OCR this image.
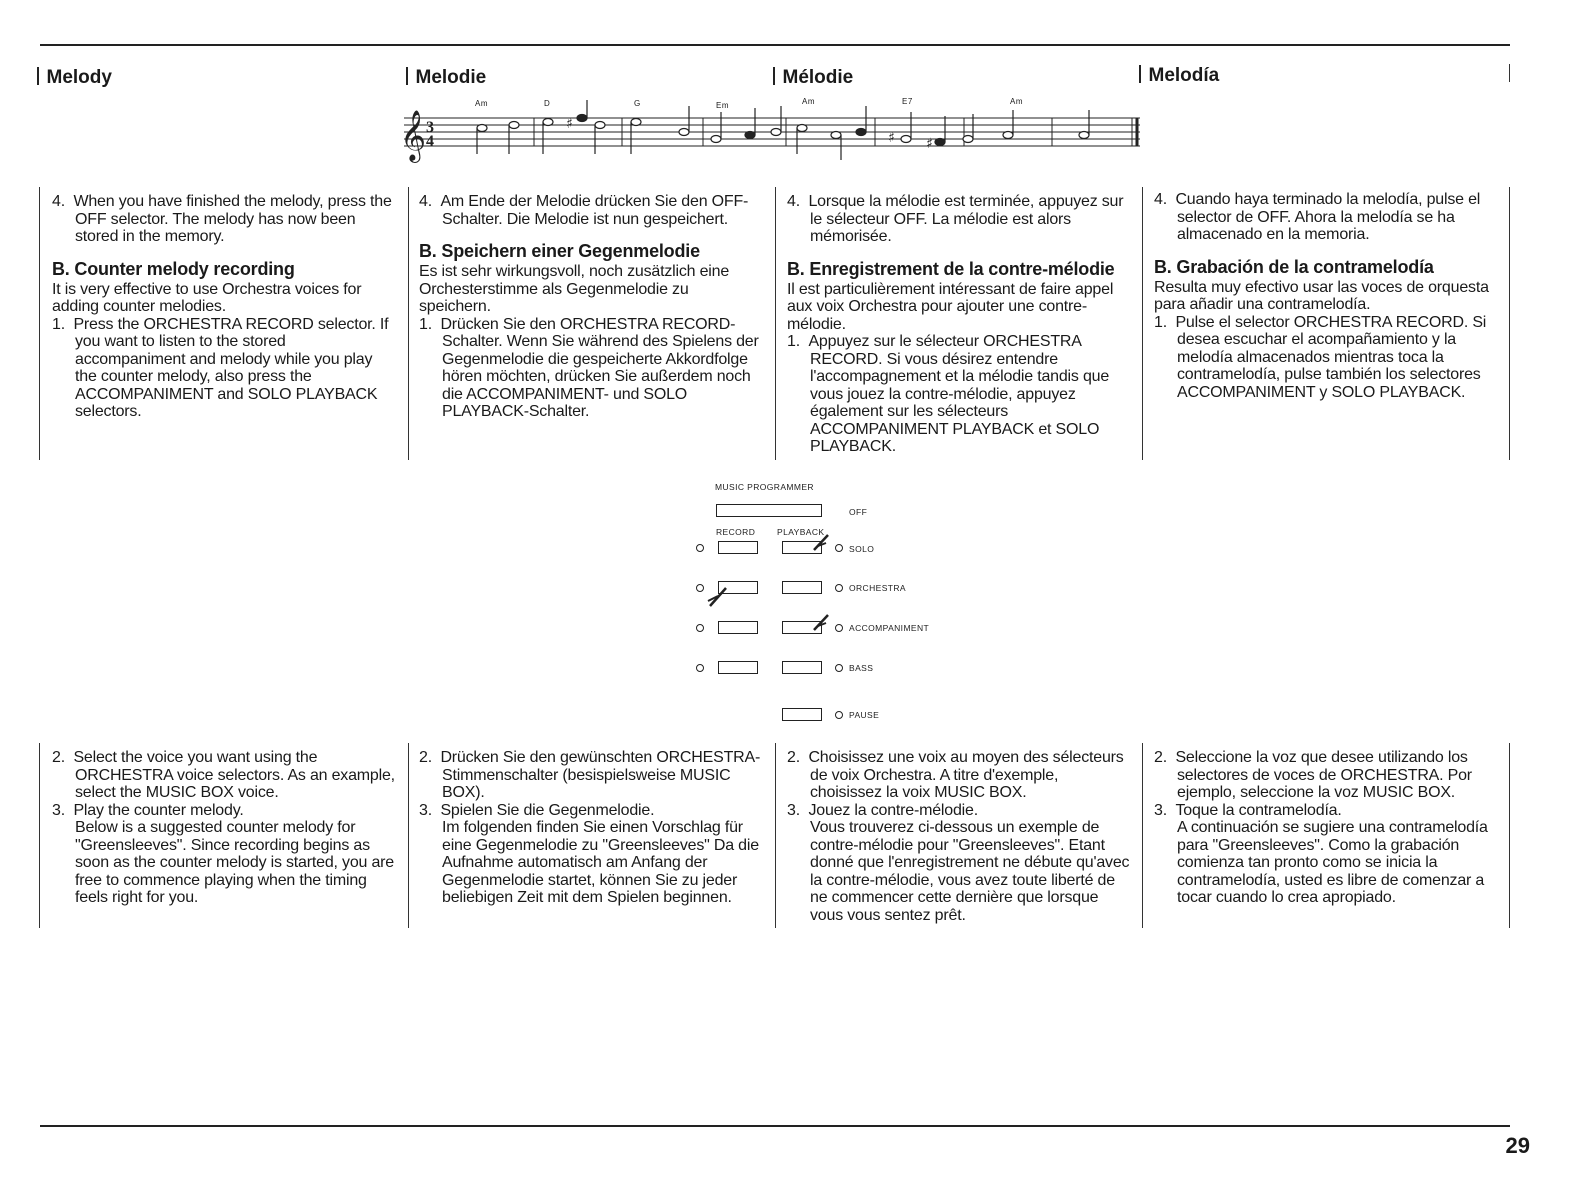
Melody	Melodie	Mélodie	Melodía
Am	D	G	Em	Am	E7	Am
𝄞 3
4
♯
♯ ♯

4. When you have finished the melody, press the OFF selector. The melody has now been stored in the memory.

B. Counter melody recording

It is very effective to use Orchestra voices for adding counter melodies.

1. Press the ORCHESTRA RECORD selector. If you want to listen to the stored accompaniment and melody while you play the counter melody, also press the ACCOMPANIMENT and SOLO PLAYBACK selectors.

4. Am Ende der Melodie drücken Sie den OFF-Schalter. Die Melodie ist nun gespeichert.

B. Speichern einer Gegenmelodie

Es ist sehr wirkungsvoll, noch zusätzlich eine Orchesterstimme als Gegenmelodie zu speichern.

1. Drücken Sie den ORCHESTRA RECORD-Schalter. Wenn Sie während des Spielens der Gegenmelodie die gespeicherte Akkordfolge hören möchten, drücken Sie außerdem noch die ACCOMPANIMENT- und SOLO PLAYBACK-Schalter.

4. Lorsque la mélodie est terminée, appuyez sur le sélecteur OFF. La mélodie est alors mémorisée.

B. Enregistrement de la contre-mélodie

Il est particulièrement intéressant de faire appel aux voix Orchestra pour ajouter une contre-mélodie.

1. Appuyez sur le sélecteur ORCHESTRA RECORD. Si vous désirez entendre l'accompagnement et la mélodie tandis que vous jouez la contre-mélodie, appuyez également sur les sélecteurs ACCOMPANIMENT PLAYBACK et SOLO PLAYBACK.

4. Cuando haya terminado la melodía, pulse el selector de OFF. Ahora la melodía se ha almacenado en la memoria.

B. Grabación de la contramelodía

Resulta muy efectivo usar las voces de orquesta para añadir una contramelodía.

1. Pulse el selector ORCHESTRA RECORD. Si desea escuchar el acompañamiento y la melodía almacenados mientras toca la contramelodía, pulse también los selectores ACCOMPANIMENT y SOLO PLAYBACK.

MUSIC PROGRAMMER
OFF
RECORD	PLAYBACK
SOLO
ORCHESTRA
ACCOMPANIMENT
BASS
PAUSE

2. Select the voice you want using the ORCHESTRA voice selectors. As an example, select the MUSIC BOX voice.

3. Play the counter melody.

Below is a suggested counter melody for "Greensleeves". Since recording begins as soon as the counter melody is started, you are free to commence playing when the timing feels right for you.

2. Drücken Sie den gewünschten ORCHESTRA-Stimmenschalter (besispielsweise MUSIC BOX).

3. Spielen Sie die Gegenmelodie.

Im folgenden finden Sie einen Vorschlag für eine Gegenmelodie zu "Greensleeves" Da die Aufnahme automatisch am Anfang der Gegenmelodie startet, können Sie zu jeder beliebigen Zeit mit dem Spielen beginnen.

2. Choisissez une voix au moyen des sélecteurs de voix Orchestra. A titre d'exemple, choisissez la voix MUSIC BOX.

3. Jouez la contre-mélodie.

Vous trouverez ci-dessous un exemple de contre-mélodie pour "Greensleeves". Etant donné que l'enregistrement ne débute qu'avec la contre-mélodie, vous avez toute liberté de ne commencer cette dernière que lorsque vous vous sentez prêt.

2. Seleccione la voz que desee utilizando los selectores de voces de ORCHESTRA. Por ejemplo, seleccione la voz MUSIC BOX.

3. Toque la contramelodía.

A continuación se sugiere una contramelodía para "Greensleeves". Como la grabación comienza tan pronto como se inicia la contramelodía, usted es libre de comenzar a tocar cuando lo crea apropiado.

29
